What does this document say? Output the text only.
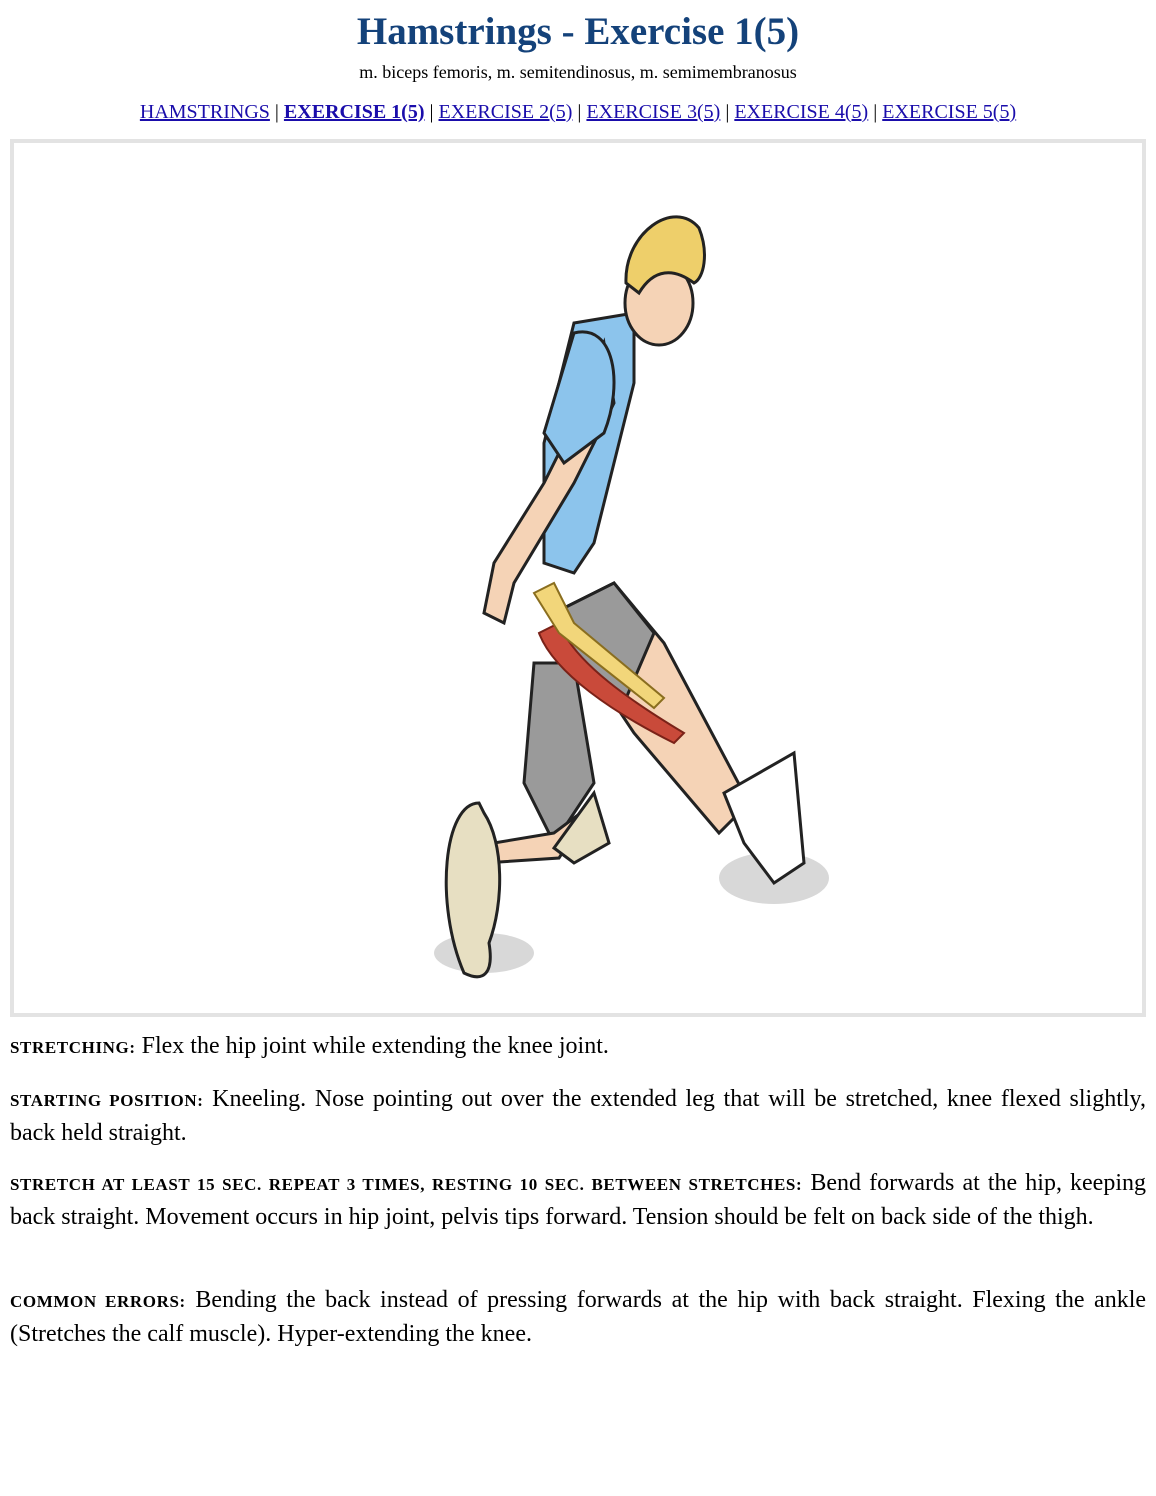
Hamstrings - Exercise 1(5)
m. biceps femoris, m. semitendinosus, m. semimembranosus
HAMSTRINGS | EXERCISE 1(5) | EXERCISE 2(5) | EXERCISE 3(5) | EXERCISE 4(5) | EXERCISE 5(5)
STRETCHING: Flex the hip joint while extending the knee joint.
STARTING POSITION: Kneeling. Nose pointing out over the extended leg that will be stretched, knee flexed slightly, back held straight.
STRETCH AT LEAST 15 SEC. REPEAT 3 TIMES, RESTING 10 SEC. BETWEEN STRETCHES: Bend forwards at the hip, keeping back straight. Movement occurs in hip joint, pelvis tips forward. Tension should be felt on back side of the thigh.
COMMON ERRORS: Bending the back instead of pressing forwards at the hip with back straight. Flexing the ankle (Stretches the calf muscle). Hyper-extending the knee.
